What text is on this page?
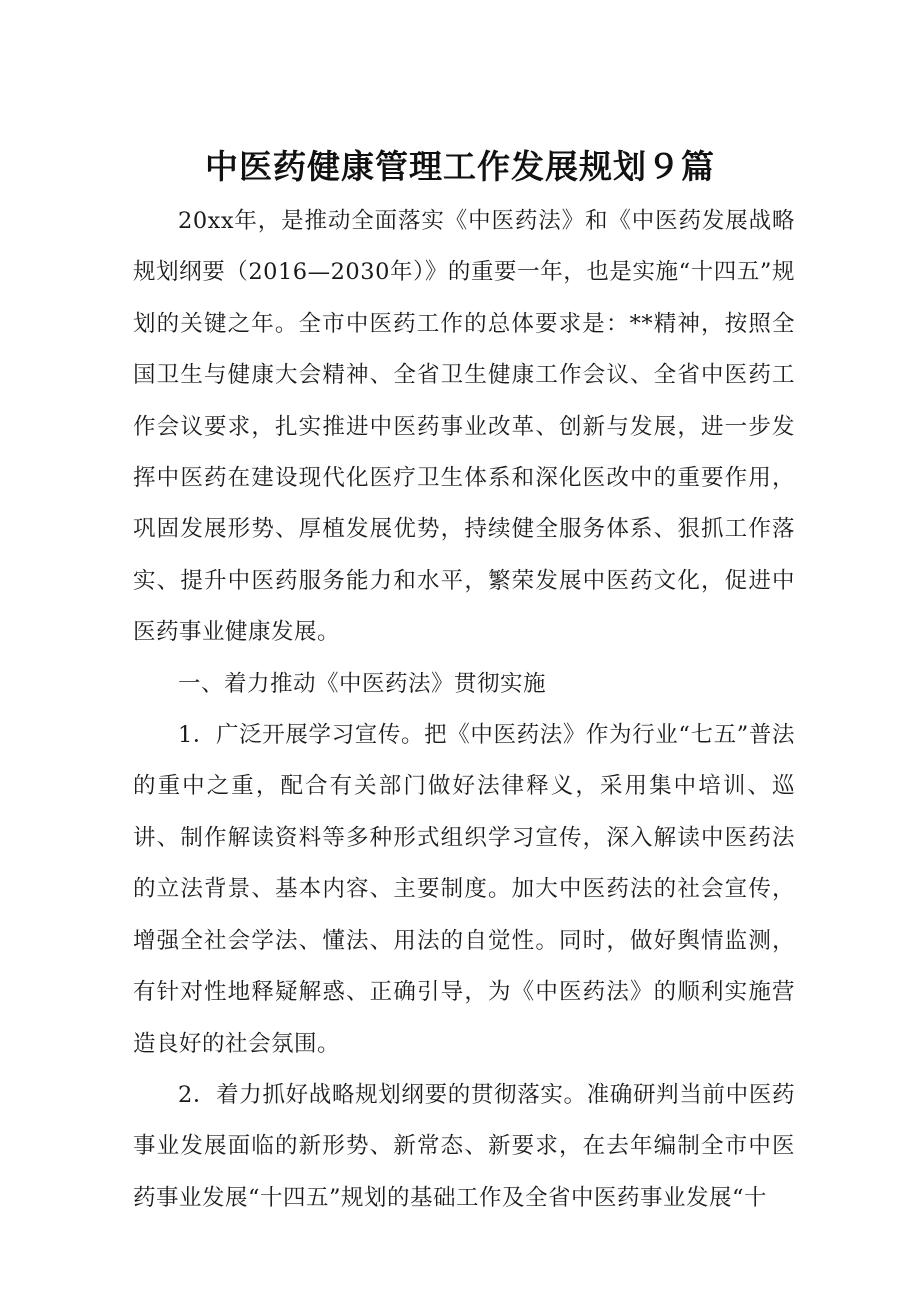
中医药健康管理工作发展规划９篇

20xx年，是推动全面落实《中医药法》和《中医药发展战略规划纲要（2016—2030年）》的重要一年，也是实施“十四五”规划的关键之年。全市中医药工作的总体要求是：**精神，按照全国卫生与健康大会精神、全省卫生健康工作会议、全省中医药工作会议要求，扎实推进中医药事业改革、创新与发展，进一步发挥中医药在建设现代化医疗卫生体系和深化医改中的重要作用，巩固发展形势、厚植发展优势，持续健全服务体系、狠抓工作落实、提升中医药服务能力和水平，繁荣发展中医药文化，促进中医药事业健康发展。

一、着力推动《中医药法》贯彻实施

1．广泛开展学习宣传。把《中医药法》作为行业“七五”普法的重中之重，配合有关部门做好法律释义，采用集中培训、巡讲、制作解读资料等多种形式组织学习宣传，深入解读中医药法的立法背景、基本内容、主要制度。加大中医药法的社会宣传，增强全社会学法、懂法、用法的自觉性。同时，做好舆情监测，有针对性地释疑解惑、正确引导，为《中医药法》的顺利实施营造良好的社会氛围。

2．着力抓好战略规划纲要的贯彻落实。准确研判当前中医药事业发展面临的新形势、新常态、新要求，在去年编制全市中医药事业发展“十四五”规划的基础工作及全省中医药事业发展“十
